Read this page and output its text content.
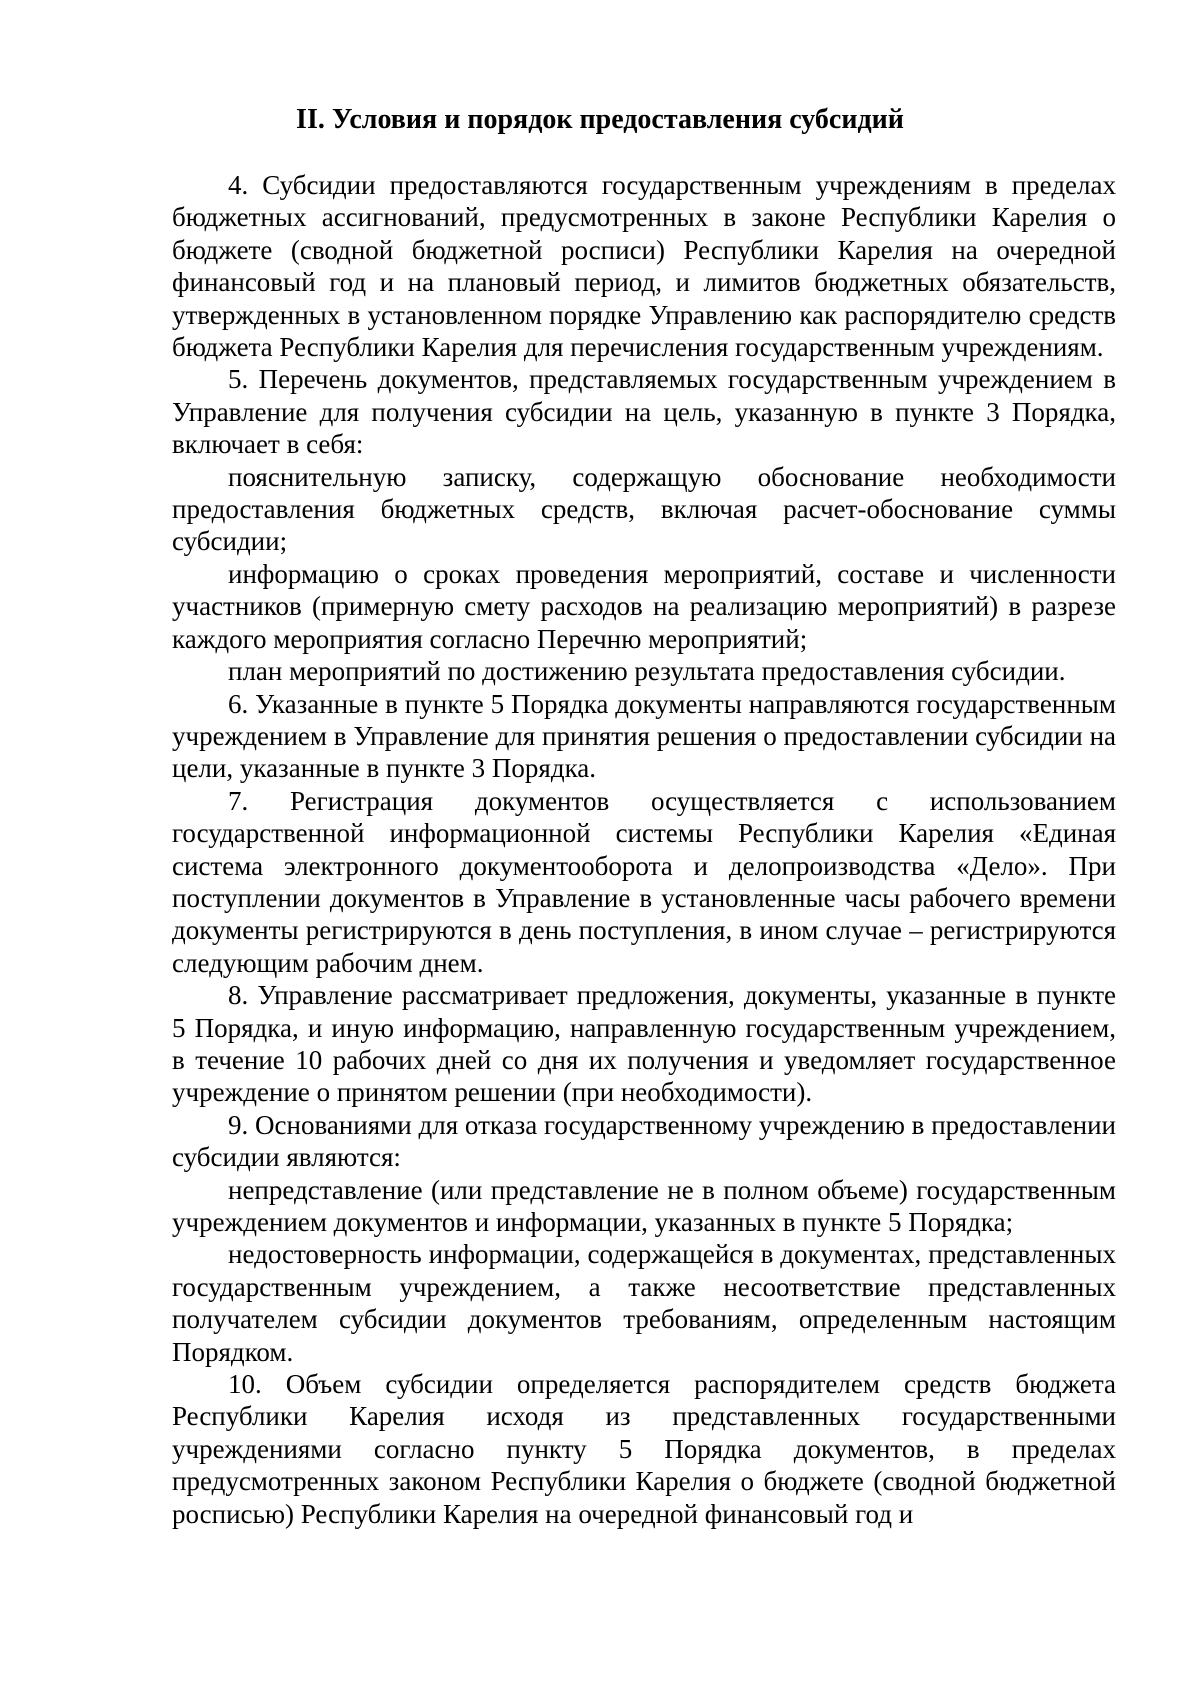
II. Условия и порядок предоставления субсидий

4. Субсидии предоставляются государственным учреждениям в пределах бюджетных ассигнований, предусмотренных в законе Республики Карелия о бюджете (сводной бюджетной росписи) Республики Карелия на очередной финансовый год и на плановый период, и лимитов бюджетных обязательств, утвержденных в установленном порядке Управлению как распорядителю средств бюджета Республики Карелия для перечисления государственным учреждениям.

5. Перечень документов, представляемых государственным учреждением в Управление для получения субсидии на цель, указанную в пункте 3 Порядка, включает в себя:

пояснительную записку, содержащую обоснование необходимости предоставления бюджетных средств, включая расчет-обоснование суммы субсидии;

информацию о сроках проведения мероприятий, составе и численности участников (примерную смету расходов на реализацию мероприятий) в разрезе каждого мероприятия согласно Перечню мероприятий;

план мероприятий по достижению результата предоставления субсидии.

6. Указанные в пункте 5 Порядка документы направляются государственным учреждением в Управление для принятия решения о предоставлении субсидии на цели, указанные в пункте 3 Порядка.

7. Регистрация документов осуществляется с использованием государственной информационной системы Республики Карелия «Единая система электронного документооборота и делопроизводства «Дело». При поступлении документов в Управление в установленные часы рабочего времени документы регистрируются в день поступления, в ином случае – регистрируются следующим рабочим днем.

8. Управление рассматривает предложения, документы, указанные в пункте 5 Порядка, и иную информацию, направленную государственным учреждением, в течение 10 рабочих дней со дня их получения и уведомляет государственное учреждение о принятом решении (при необходимости).

9. Основаниями для отказа государственному учреждению в предоставлении субсидии являются:

непредставление (или представление не в полном объеме) государственным учреждением документов и информации, указанных в пункте 5 Порядка;

недостоверность информации, содержащейся в документах, представленных государственным учреждением, а также несоответствие представленных получателем субсидии документов требованиям, определенным настоящим Порядком.

10. Объем субсидии определяется распорядителем средств бюджета Республики Карелия исходя из представленных государственными учреждениями согласно пункту 5 Порядка документов, в пределах предусмотренных законом Республики Карелия о бюджете (сводной бюджетной росписью) Республики Карелия на очередной финансовый год и
